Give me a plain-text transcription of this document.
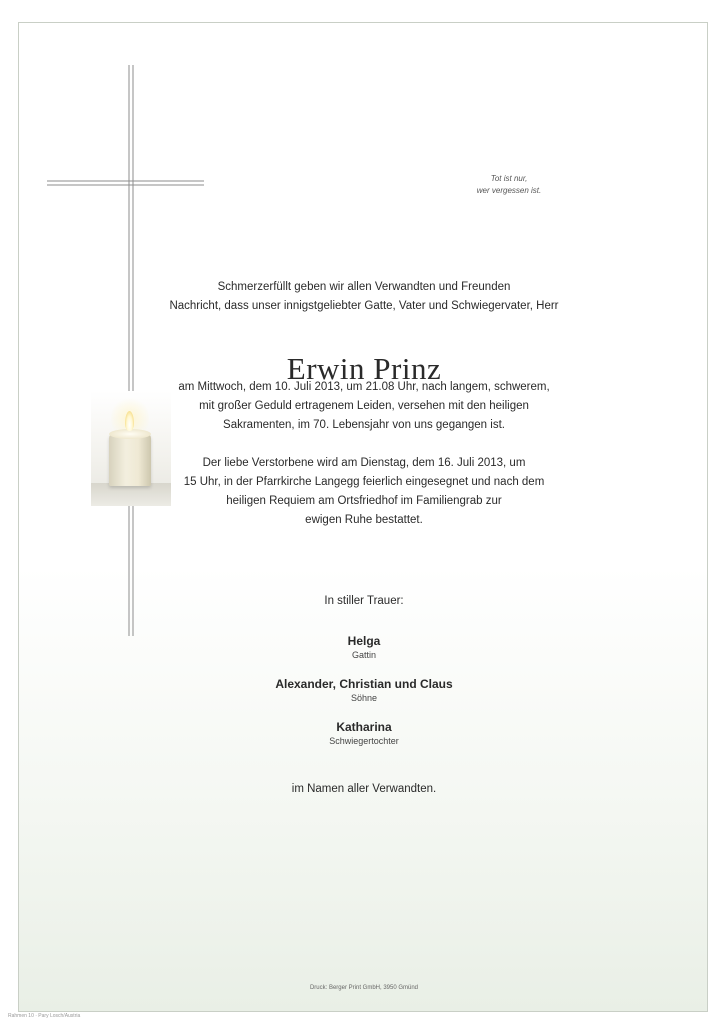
Tot ist nur,
wer vergessen ist.
Schmerzerfüllt geben wir allen Verwandten und Freunden
Nachricht, dass unser innigstgeliebter Gatte, Vater und Schwiegervater, Herr
Erwin Prinz
am Mittwoch, dem 10. Juli 2013, um 21.08 Uhr, nach langem, schwerem,
mit großer Geduld ertragenem Leiden, versehen mit den heiligen
Sakramenten, im 70. Lebensjahr von uns gegangen ist.
Der liebe Verstorbene wird am Dienstag, dem 16. Juli 2013, um
15 Uhr, in der Pfarrkirche Langegg feierlich eingesegnet und nach dem
heiligen Requiem am Ortsfriedhof im Familiengrab zur
ewigen Ruhe bestattet.
In stiller Trauer:
Helga
Gattin
Alexander, Christian und Claus
Söhne
Katharina
Schwiegertochter
im Namen aller Verwandten.
Druck: Berger Print GmbH, 3950 Gmünd
Rahmen 10 · Pary Losch/Austria
